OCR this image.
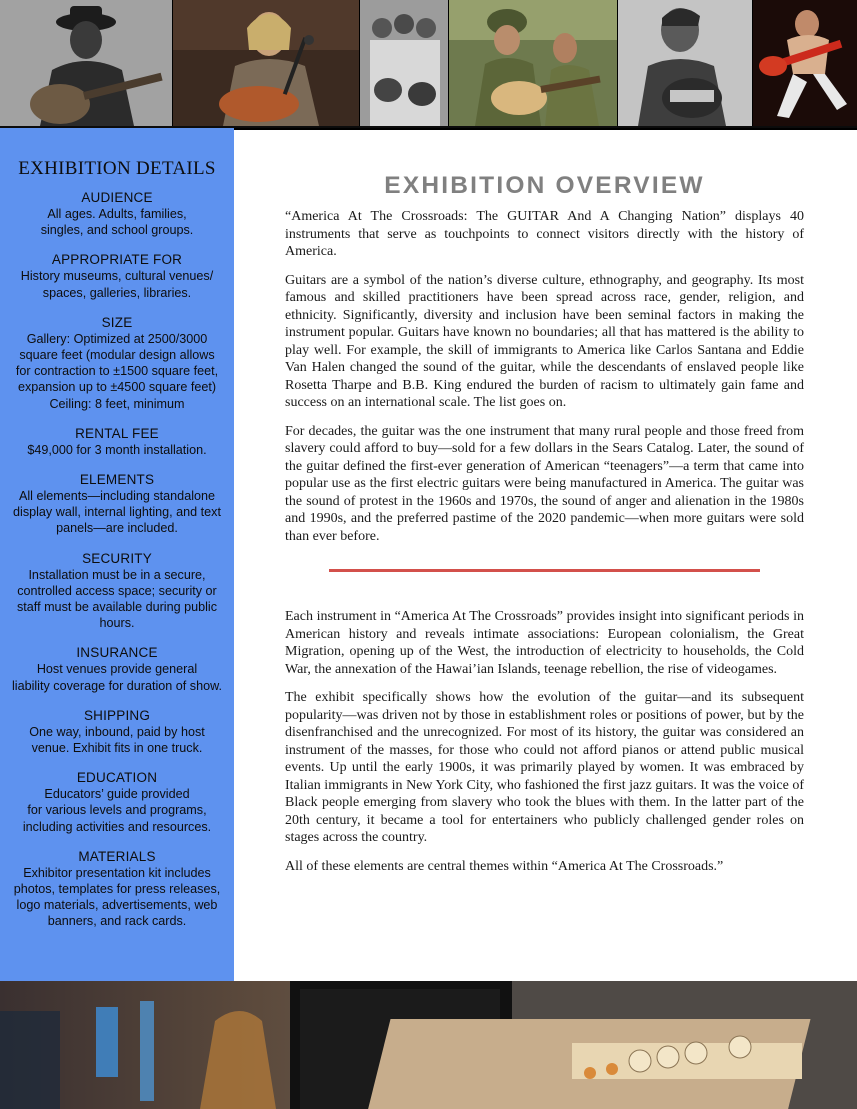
EXHIBITION DETAILS
AUDIENCE
All ages. Adults, families,
singles, and school groups.
APPROPRIATE FOR
History museums, cultural venues/
spaces, galleries, libraries.
SIZE
Gallery: Optimized at 2500/3000
square feet (modular design allows
for contraction to ±1500 square feet,
expansion up to ±4500 square feet)
Ceiling: 8 feet, minimum
RENTAL FEE
$49,000 for 3 month installation.
ELEMENTS
All elements—including standalone
display wall, internal lighting, and text
panels—are included.
SECURITY
Installation must be in a secure,
controlled access space; security or
staff must be available during public
hours.
INSURANCE
Host venues provide general
liability coverage for duration of show.
SHIPPING
One way, inbound, paid by host
venue. Exhibit fits in one truck.
EDUCATION
Educators’ guide provided
for various levels and programs,
including activities and resources.
MATERIALS
Exhibitor presentation kit includes
photos, templates for press releases,
logo materials, advertisements, web
banners, and rack cards.
EXHIBITION OVERVIEW

“America At The Crossroads: The GUITAR And A Changing Nation” displays 40 instruments that serve as touchpoints to connect visitors directly with the history of America.

Guitars are a symbol of the nation’s diverse culture, ethnography, and geography. Its most famous and skilled practitioners have been spread across race, gender, religion, and ethnicity. Significantly, diversity and inclusion have been seminal factors in making the instrument popular. Guitars have known no boundaries; all that has mattered is the ability to play well. For example, the skill of immigrants to America like Carlos Santana and Eddie Van Halen changed the sound of the guitar, while the descendants of enslaved people like Rosetta Tharpe and B.B. King endured the burden of racism to ultimately gain fame and success on an international scale. The list goes on.

For decades, the guitar was the one instrument that many rural people and those freed from slavery could afford to buy—sold for a few dollars in the Sears Catalog. Later, the sound of the guitar defined the first-ever generation of American “teenagers”—a term that came into popular use as the first electric guitars were being manufactured in America. The guitar was the sound of protest in the 1960s and 1970s, the sound of anger and alienation in the 1980s and 1990s, and the preferred pastime of the 2020 pandemic—when more guitars were sold than ever before.

Each instrument in “America At The Crossroads” provides insight into significant periods in American history and reveals intimate associations: European colonialism, the Great Migration, opening up of the West, the introduction of electricity to households, the Cold War, the annexation of the Hawai’ian Islands, teenage rebellion, the rise of videogames.

The exhibit specifically shows how the evolution of the guitar—and its subsequent popularity—was driven not by those in establishment roles or positions of power, but by the disenfranchised and the unrecognized. For most of its history, the guitar was considered an instrument of the masses, for those who could not afford pianos or attend public musical events. Up until the early 1900s, it was primarily played by women. It was embraced by Italian immigrants in New York City, who fashioned the first jazz guitars. It was the voice of Black people emerging from slavery who took the blues with them. In the latter part of the 20th century, it became a tool for entertainers who publicly challenged gender roles on stages across the country.

All of these elements are central themes within “America At The Crossroads.”
